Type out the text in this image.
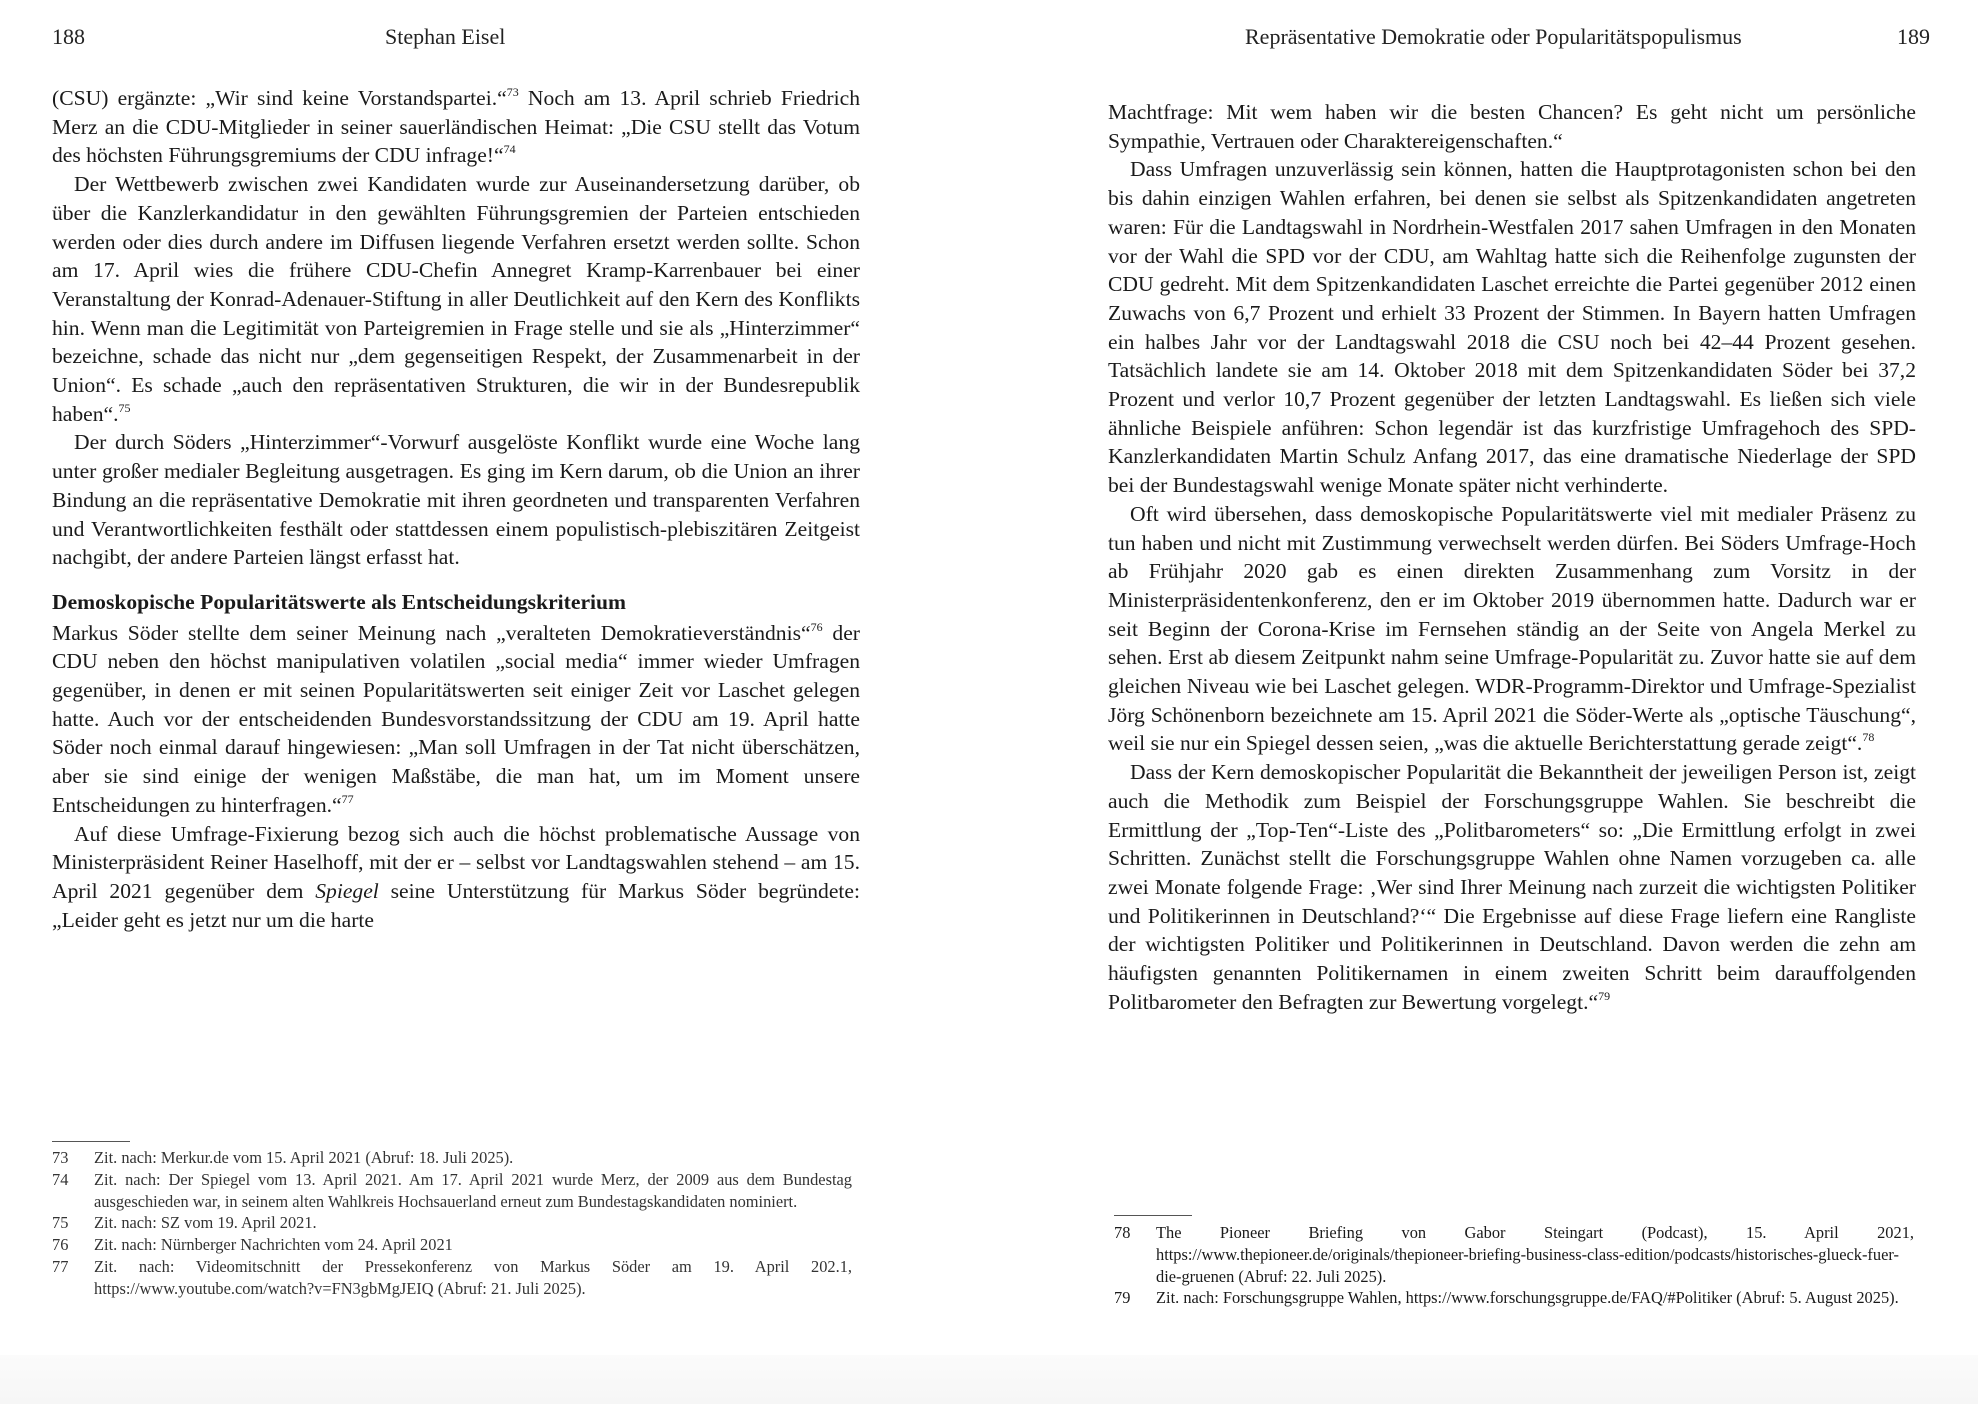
188	Stephan Eisel

(CSU) ergänzte: „Wir sind keine Vorstandspartei.“$^{73}$ Noch am 13. April schrieb Friedrich Merz an die CDU-Mitglieder in seiner sauerländischen Heimat: „Die CSU stellt das Votum des höchsten Führungsgremiums der CDU infrage!“$^{74}$

Der Wettbewerb zwischen zwei Kandidaten wurde zur Auseinandersetzung darüber, ob über die Kanzlerkandidatur in den gewählten Führungsgremien der Parteien entschieden werden oder dies durch andere im Diffusen liegende Verfahren ersetzt werden sollte. Schon am 17. April wies die frühere CDU-Chefin Annegret Kramp-Karrenbauer bei einer Veranstaltung der Konrad-Adenauer-Stiftung in aller Deutlichkeit auf den Kern des Konflikts hin. Wenn man die Legitimität von Parteigremien in Frage stelle und sie als „Hinterzimmer“ bezeichne, schade das nicht nur „dem gegenseitigen Respekt, der Zusammenarbeit in der Union“. Es schade „auch den repräsentativen Strukturen, die wir in der Bundesrepublik haben“.$^{75}$

Der durch Söders „Hinterzimmer“-Vorwurf ausgelöste Konflikt wurde eine Woche lang unter großer medialer Begleitung ausgetragen. Es ging im Kern darum, ob die Union an ihrer Bindung an die repräsentative Demokratie mit ihren geordneten und transparenten Verfahren und Verantwortlichkeiten festhält oder stattdessen einem populistisch-plebiszitären Zeitgeist nachgibt, der andere Parteien längst erfasst hat.

Demoskopische Popularitätswerte als Entscheidungskriterium

Markus Söder stellte dem seiner Meinung nach „veralteten Demokratieverständnis“$^{76}$ der CDU neben den höchst manipulativen volatilen „social media“ immer wieder Umfragen gegenüber, in denen er mit seinen Popularitätswerten seit einiger Zeit vor Laschet gelegen hatte. Auch vor der entscheidenden Bundesvorstandssitzung der CDU am 19. April hatte Söder noch einmal darauf hingewiesen: „Man soll Umfragen in der Tat nicht überschätzen, aber sie sind einige der wenigen Maßstäbe, die man hat, um im Moment unsere Entscheidungen zu hinterfragen.“$^{77}$

Auf diese Umfrage-Fixierung bezog sich auch die höchst problematische Aussage von Ministerpräsident Reiner Haselhoff, mit der er – selbst vor Landtagswahlen stehend – am 15. April 2021 gegenüber dem Spiegel seine Unterstützung für Markus Söder begründete: „Leider geht es jetzt nur um die harte

73	Zit. nach: Merkur.de vom 15. April 2021 (Abruf: 18. Juli 2025).
74	Zit. nach: Der Spiegel vom 13. April 2021. Am 17. April 2021 wurde Merz, der 2009 aus dem Bundestag ausgeschieden war, in seinem alten Wahlkreis Hochsauerland erneut zum Bundestagskandidaten nominiert.
75	Zit. nach: SZ vom 19. April 2021.
76	Zit. nach: Nürnberger Nachrichten vom 24. April 2021
77	Zit. nach: Videomitschnitt der Pressekonferenz von Markus Söder am 19. April 202.1, https://www.youtube.com/watch?v=FN3gbMgJEIQ (Abruf: 21. Juli 2025).
Repräsentative Demokratie oder Popularitätspopulismus	189

Machtfrage: Mit wem haben wir die besten Chancen? Es geht nicht um persönliche Sympathie, Vertrauen oder Charaktereigenschaften.“

Dass Umfragen unzuverlässig sein können, hatten die Hauptprotagonisten schon bei den bis dahin einzigen Wahlen erfahren, bei denen sie selbst als Spitzenkandidaten angetreten waren: Für die Landtagswahl in Nordrhein-Westfalen 2017 sahen Umfragen in den Monaten vor der Wahl die SPD vor der CDU, am Wahltag hatte sich die Reihenfolge zugunsten der CDU gedreht. Mit dem Spitzenkandidaten Laschet erreichte die Partei gegenüber 2012 einen Zuwachs von 6,7 Prozent und erhielt 33 Prozent der Stimmen. In Bayern hatten Umfragen ein halbes Jahr vor der Landtagswahl 2018 die CSU noch bei 42–44 Prozent gesehen. Tatsächlich landete sie am 14. Oktober 2018 mit dem Spitzenkandidaten Söder bei 37,2 Prozent und verlor 10,7 Prozent gegenüber der letzten Landtagswahl. Es ließen sich viele ähnliche Beispiele anführen: Schon legendär ist das kurzfristige Umfragehoch des SPD-Kanzlerkandidaten Martin Schulz Anfang 2017, das eine dramatische Niederlage der SPD bei der Bundestagswahl wenige Monate später nicht verhinderte.

Oft wird übersehen, dass demoskopische Popularitätswerte viel mit medialer Präsenz zu tun haben und nicht mit Zustimmung verwechselt werden dürfen. Bei Söders Umfrage-Hoch ab Frühjahr 2020 gab es einen direkten Zusammenhang zum Vorsitz in der Ministerpräsidentenkonferenz, den er im Oktober 2019 übernommen hatte. Dadurch war er seit Beginn der Corona-Krise im Fernsehen ständig an der Seite von Angela Merkel zu sehen. Erst ab diesem Zeitpunkt nahm seine Umfrage-Popularität zu. Zuvor hatte sie auf dem gleichen Niveau wie bei Laschet gelegen. WDR-Programm-Direktor und Umfrage-Spezialist Jörg Schönenborn bezeichnete am 15. April 2021 die Söder-Werte als „optische Täuschung“, weil sie nur ein Spiegel dessen seien, „was die aktuelle Berichterstattung gerade zeigt“.$^{78}$

Dass der Kern demoskopischer Popularität die Bekanntheit der jeweiligen Person ist, zeigt auch die Methodik zum Beispiel der Forschungsgruppe Wahlen. Sie beschreibt die Ermittlung der „Top-Ten“-Liste des „Politbarometers“ so: „Die Ermittlung erfolgt in zwei Schritten. Zunächst stellt die Forschungsgruppe Wahlen ohne Namen vorzugeben ca. alle zwei Monate folgende Frage: ‚Wer sind Ihrer Meinung nach zurzeit die wichtigsten Politiker und Politikerinnen in Deutschland?‘“ Die Ergebnisse auf diese Frage liefern eine Rangliste der wichtigsten Politiker und Politikerinnen in Deutschland. Davon werden die zehn am häufigsten genannten Politikernamen in einem zweiten Schritt beim darauffolgenden Politbarometer den Befragten zur Bewertung vorgelegt.“$^{79}$

78	The Pioneer Briefing von Gabor Steingart (Podcast), 15. April 2021, https://www.thepioneer.de/originals/thepioneer-briefing-business-class-edition/podcasts/historisches-glueck-fuer-die-gruenen (Abruf: 22. Juli 2025).
79	Zit. nach: Forschungsgruppe Wahlen, https://www.forschungsgruppe.de/FAQ/#Politiker (Abruf: 5. August 2025).
